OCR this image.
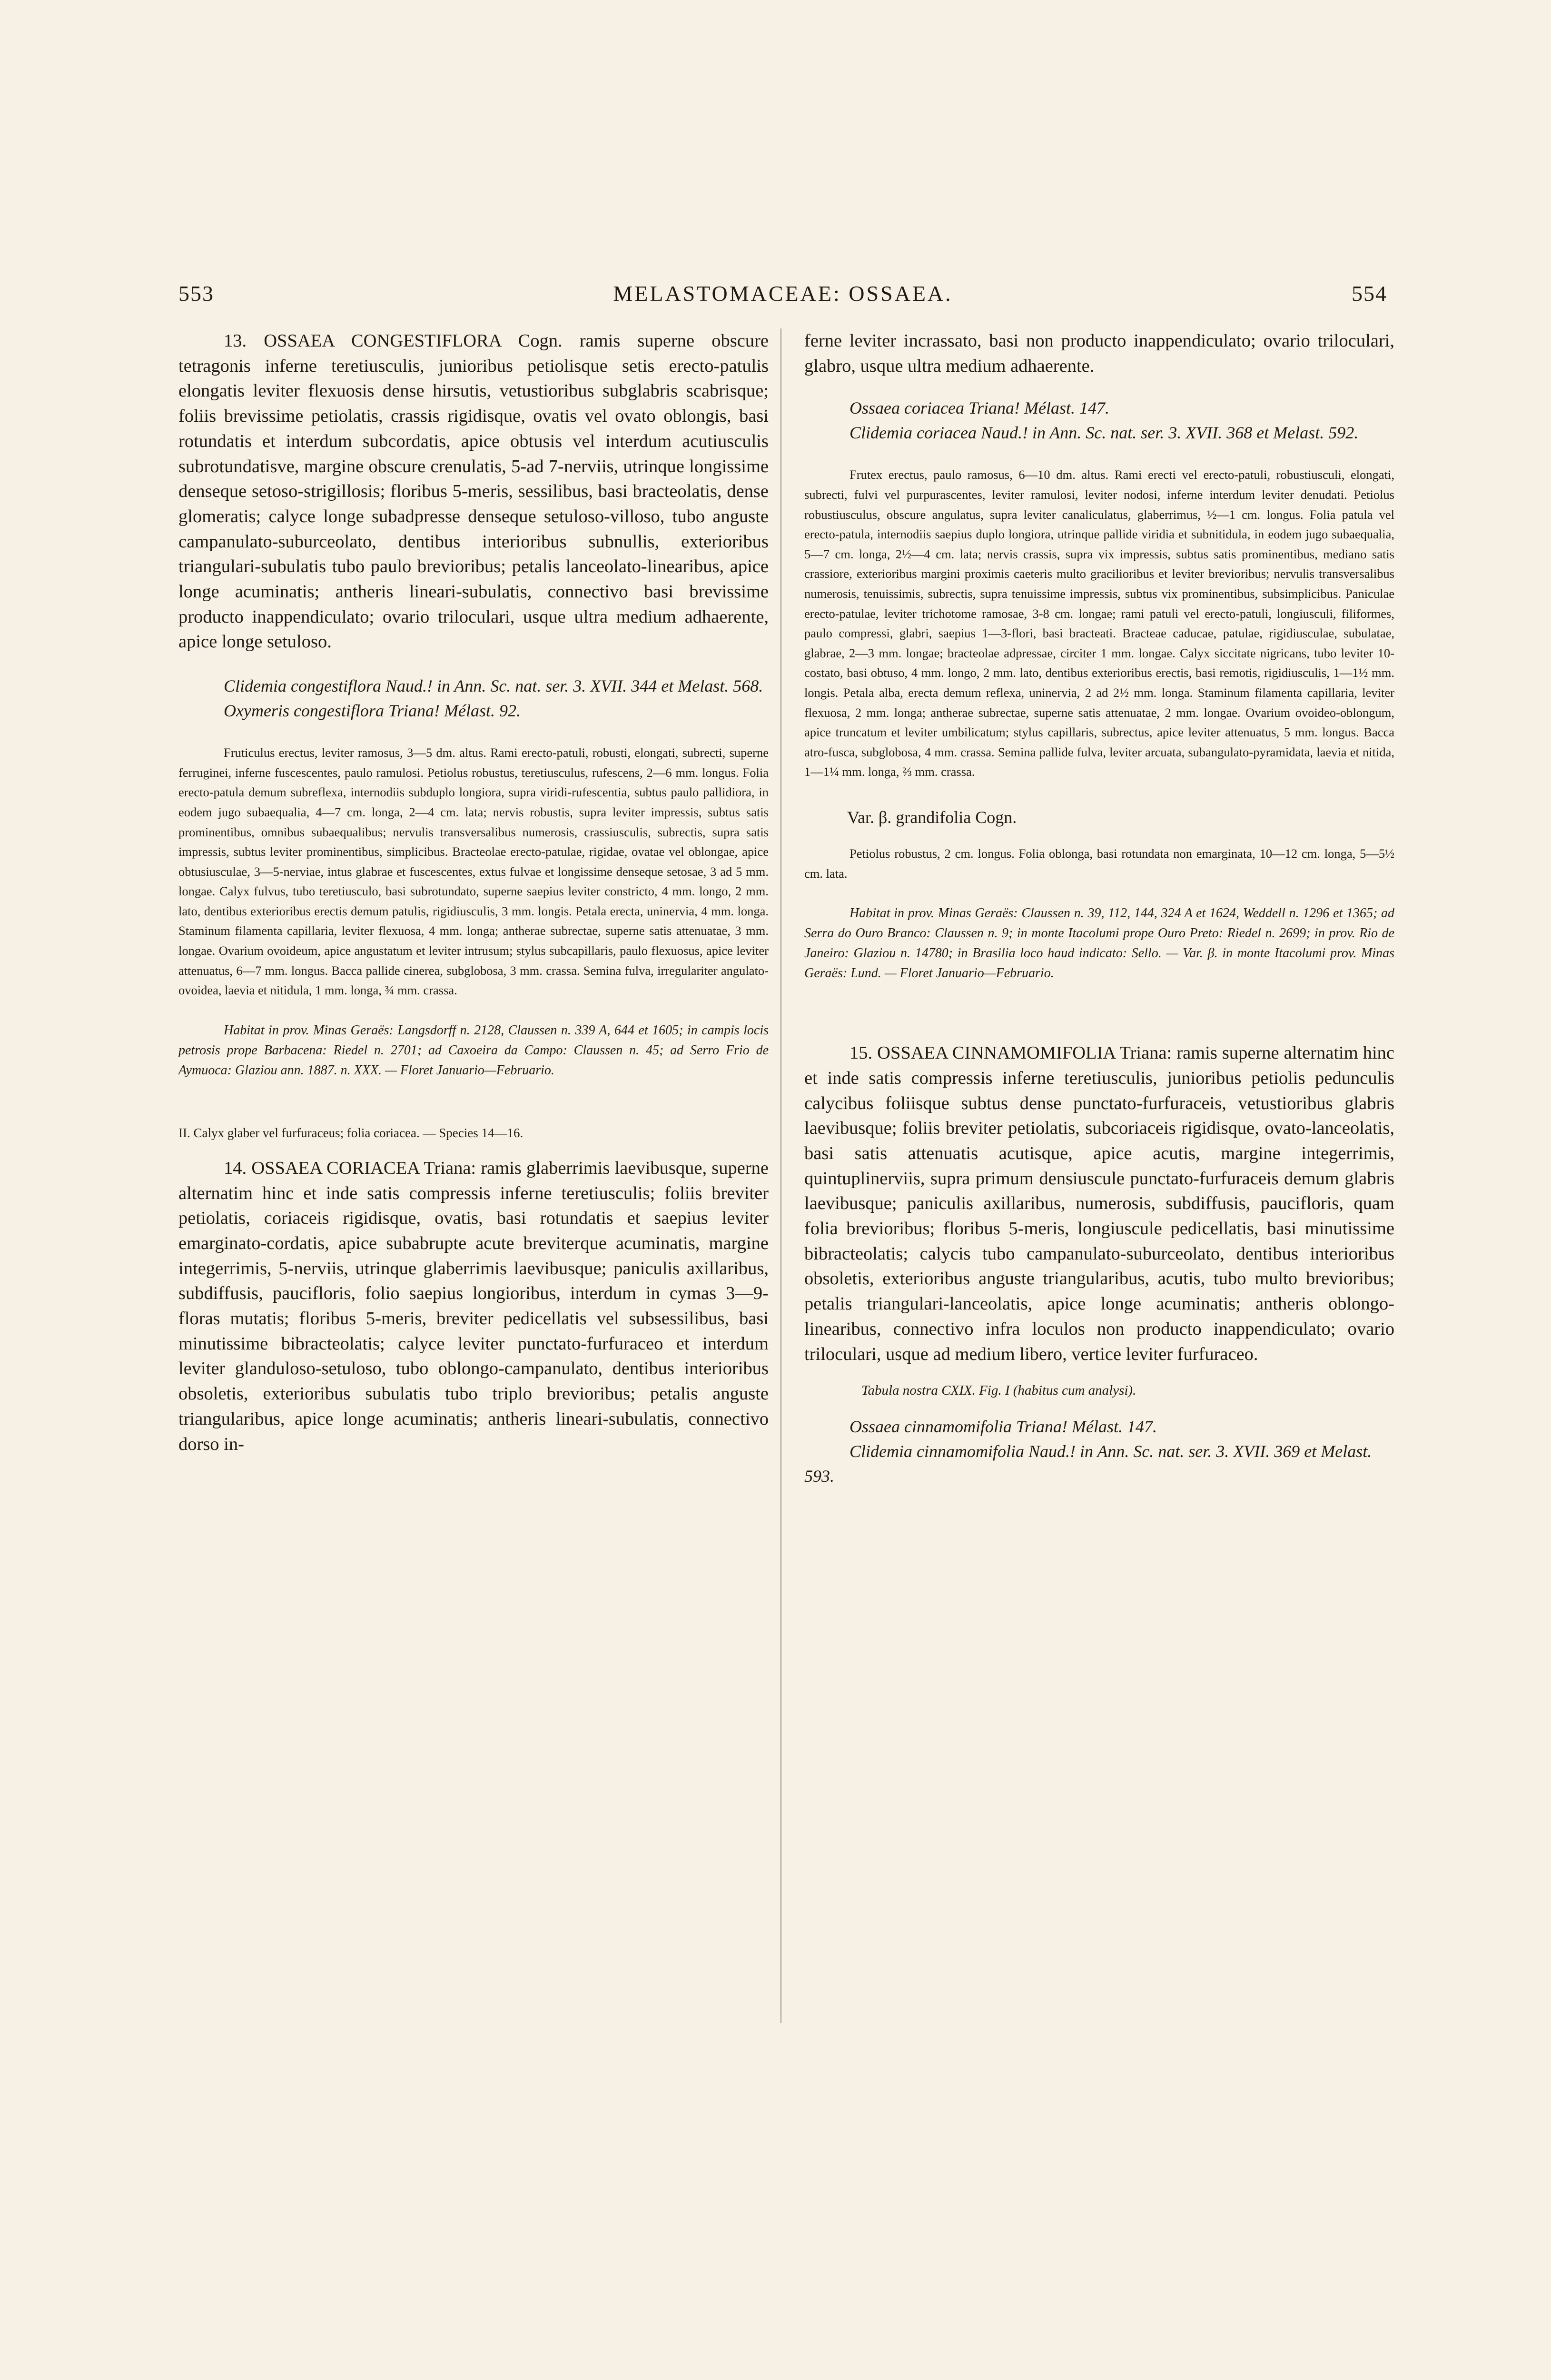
553	MELASTOMACEAE: OSSAEA.	554

13. OSSAEA CONGESTIFLORA Cogn. ramis superne obscure tetragonis inferne teretiusculis, junioribus petiolisque setis erecto-patulis elongatis leviter flexuosis dense hirsutis, vetustioribus subglabris scabrisque; foliis brevissime petiolatis, crassis rigidisque, ovatis vel ovato oblongis, basi rotundatis et interdum subcordatis, apice obtusis vel interdum acutiusculis subrotundatisve, margine obscure crenulatis, 5-ad 7-nerviis, utrinque longissime denseque setoso-strigillosis; floribus 5-meris, sessilibus, basi bracteolatis, dense glomeratis; calyce longe subadpresse denseque setuloso-villoso, tubo anguste campanulato-suburceolato, dentibus interioribus subnullis, exterioribus triangulari-subulatis tubo paulo brevioribus; petalis lanceolato-linearibus, apice longe acuminatis; antheris lineari-subulatis, connectivo basi brevissime producto inappendiculato; ovario triloculari, usque ultra medium adhaerente, apice longe setuloso.

Clidemia congestiflora Naud.! in Ann. Sc. nat. ser. 3. XVII. 344 et Melast. 568.

Oxymeris congestiflora Triana! Mélast. 92.

Fruticulus erectus, leviter ramosus, 3—5 dm. altus. Rami erecto-patuli, robusti, elongati, subrecti, superne ferruginei, inferne fuscescentes, paulo ramulosi. Petiolus robustus, teretiusculus, rufescens, 2—6 mm. longus. Folia erecto-patula demum subreflexa, internodiis subduplo longiora, supra viridi-rufescentia, subtus paulo pallidiora, in eodem jugo subaequalia, 4—7 cm. longa, 2—4 cm. lata; nervis robustis, supra leviter impressis, subtus satis prominentibus, omnibus subaequalibus; nervulis transversalibus numerosis, crassiusculis, subrectis, supra satis impressis, subtus leviter prominentibus, simplicibus. Bracteolae erecto-patulae, rigidae, ovatae vel oblongae, apice obtusiusculae, 3—5-nerviae, intus glabrae et fuscescentes, extus fulvae et longissime denseque setosae, 3 ad 5 mm. longae. Calyx fulvus, tubo teretiusculo, basi subrotundato, superne saepius leviter constricto, 4 mm. longo, 2 mm. lato, dentibus exterioribus erectis demum patulis, rigidiusculis, 3 mm. longis. Petala erecta, uninervia, 4 mm. longa. Staminum filamenta capillaria, leviter flexuosa, 4 mm. longa; antherae subrectae, superne satis attenuatae, 3 mm. longae. Ovarium ovoideum, apice angustatum et leviter intrusum; stylus subcapillaris, paulo flexuosus, apice leviter attenuatus, 6—7 mm. longus. Bacca pallide cinerea, subglobosa, 3 mm. crassa. Semina fulva, irregulariter angulato-ovoidea, laevia et nitidula, 1 mm. longa, ¾ mm. crassa.

Habitat in prov. Minas Geraës: Langsdorff n. 2128, Claussen n. 339 A, 644 et 1605; in campis locis petrosis prope Barbacena: Riedel n. 2701; ad Caxoeira da Campo: Claussen n. 45; ad Serro Frio de Aymuoca: Glaziou ann. 1887. n. XXX. — Floret Januario—Februario.

II. Calyx glaber vel furfuraceus; folia coriacea. — Species 14—16.

14. OSSAEA CORIACEA Triana: ramis glaberrimis laevibusque, superne alternatim hinc et inde satis compressis inferne teretiusculis; foliis breviter petiolatis, coriaceis rigidisque, ovatis, basi rotundatis et saepius leviter emarginato-cordatis, apice subabrupte acute breviterque acuminatis, margine integerrimis, 5-nerviis, utrinque glaberrimis laevibusque; paniculis axillaribus, subdiffusis, paucifloris, folio saepius longioribus, interdum in cymas 3—9-floras mutatis; floribus 5-meris, breviter pedicellatis vel subsessilibus, basi minutissime bibracteolatis; calyce leviter punctato-furfuraceo et interdum leviter glanduloso-setuloso, tubo oblongo-campanulato, dentibus interioribus obsoletis, exterioribus subulatis tubo triplo brevioribus; petalis anguste triangularibus, apice longe acuminatis; antheris lineari-subulatis, connectivo dorso in-

ferne leviter incrassato, basi non producto inappendiculato; ovario triloculari, glabro, usque ultra medium adhaerente.

Ossaea coriacea Triana! Mélast. 147.

Clidemia coriacea Naud.! in Ann. Sc. nat. ser. 3. XVII. 368 et Melast. 592.

Frutex erectus, paulo ramosus, 6—10 dm. altus. Rami erecti vel erecto-patuli, robustiusculi, elongati, subrecti, fulvi vel purpurascentes, leviter ramulosi, leviter nodosi, inferne interdum leviter denudati. Petiolus robustiusculus, obscure angulatus, supra leviter canaliculatus, glaberrimus, ½—1 cm. longus. Folia patula vel erecto-patula, internodiis saepius duplo longiora, utrinque pallide viridia et subnitidula, in eodem jugo subaequalia, 5—7 cm. longa, 2½—4 cm. lata; nervis crassis, supra vix impressis, subtus satis prominentibus, mediano satis crassiore, exterioribus margini proximis caeteris multo gracilioribus et leviter brevioribus; nervulis transversalibus numerosis, tenuissimis, subrectis, supra tenuissime impressis, subtus vix prominentibus, subsimplicibus. Paniculae erecto-patulae, leviter trichotome ramosae, 3-8 cm. longae; rami patuli vel erecto-patuli, longiusculi, filiformes, paulo compressi, glabri, saepius 1—3-flori, basi bracteati. Bracteae caducae, patulae, rigidiusculae, subulatae, glabrae, 2—3 mm. longae; bracteolae adpressae, circiter 1 mm. longae. Calyx siccitate nigricans, tubo leviter 10-costato, basi obtuso, 4 mm. longo, 2 mm. lato, dentibus exterioribus erectis, basi remotis, rigidiusculis, 1—1½ mm. longis. Petala alba, erecta demum reflexa, uninervia, 2 ad 2½ mm. longa. Staminum filamenta capillaria, leviter flexuosa, 2 mm. longa; antherae subrectae, superne satis attenuatae, 2 mm. longae. Ovarium ovoideo-oblongum, apice truncatum et leviter umbilicatum; stylus capillaris, subrectus, apice leviter attenuatus, 5 mm. longus. Bacca atro-fusca, subglobosa, 4 mm. crassa. Semina pallide fulva, leviter arcuata, subangulato-pyramidata, laevia et nitida, 1—1¼ mm. longa, ⅔ mm. crassa.

Var. β. grandifolia Cogn.

Petiolus robustus, 2 cm. longus. Folia oblonga, basi rotundata non emarginata, 10—12 cm. longa, 5—5½ cm. lata.

Habitat in prov. Minas Geraës: Claussen n. 39, 112, 144, 324 A et 1624, Weddell n. 1296 et 1365; ad Serra do Ouro Branco: Claussen n. 9; in monte Itacolumi prope Ouro Preto: Riedel n. 2699; in prov. Rio de Janeiro: Glaziou n. 14780; in Brasilia loco haud indicato: Sello. — Var. β. in monte Itacolumi prov. Minas Geraës: Lund. — Floret Januario—Februario.

15. OSSAEA CINNAMOMIFOLIA Triana: ramis superne alternatim hinc et inde satis compressis inferne teretiusculis, junioribus petiolis pedunculis calycibus foliisque subtus dense punctato-furfuraceis, vetustioribus glabris laevibusque; foliis breviter petiolatis, subcoriaceis rigidisque, ovato-lanceolatis, basi satis attenuatis acutisque, apice acutis, margine integerrimis, quintuplinerviis, supra primum densiuscule punctato-furfuraceis demum glabris laevibusque; paniculis axillaribus, numerosis, subdiffusis, paucifloris, quam folia brevioribus; floribus 5-meris, longiuscule pedicellatis, basi minutissime bibracteolatis; calycis tubo campanulato-suburceolato, dentibus interioribus obsoletis, exterioribus anguste triangularibus, acutis, tubo multo brevioribus; petalis triangulari-lanceolatis, apice longe acuminatis; antheris oblongo-linearibus, connectivo infra loculos non producto inappendiculato; ovario triloculari, usque ad medium libero, vertice leviter furfuraceo.

Tabula nostra CXIX. Fig. I (habitus cum analysi).

Ossaea cinnamomifolia Triana! Mélast. 147.

Clidemia cinnamomifolia Naud.! in Ann. Sc. nat. ser. 3. XVII. 369 et Melast. 593.
